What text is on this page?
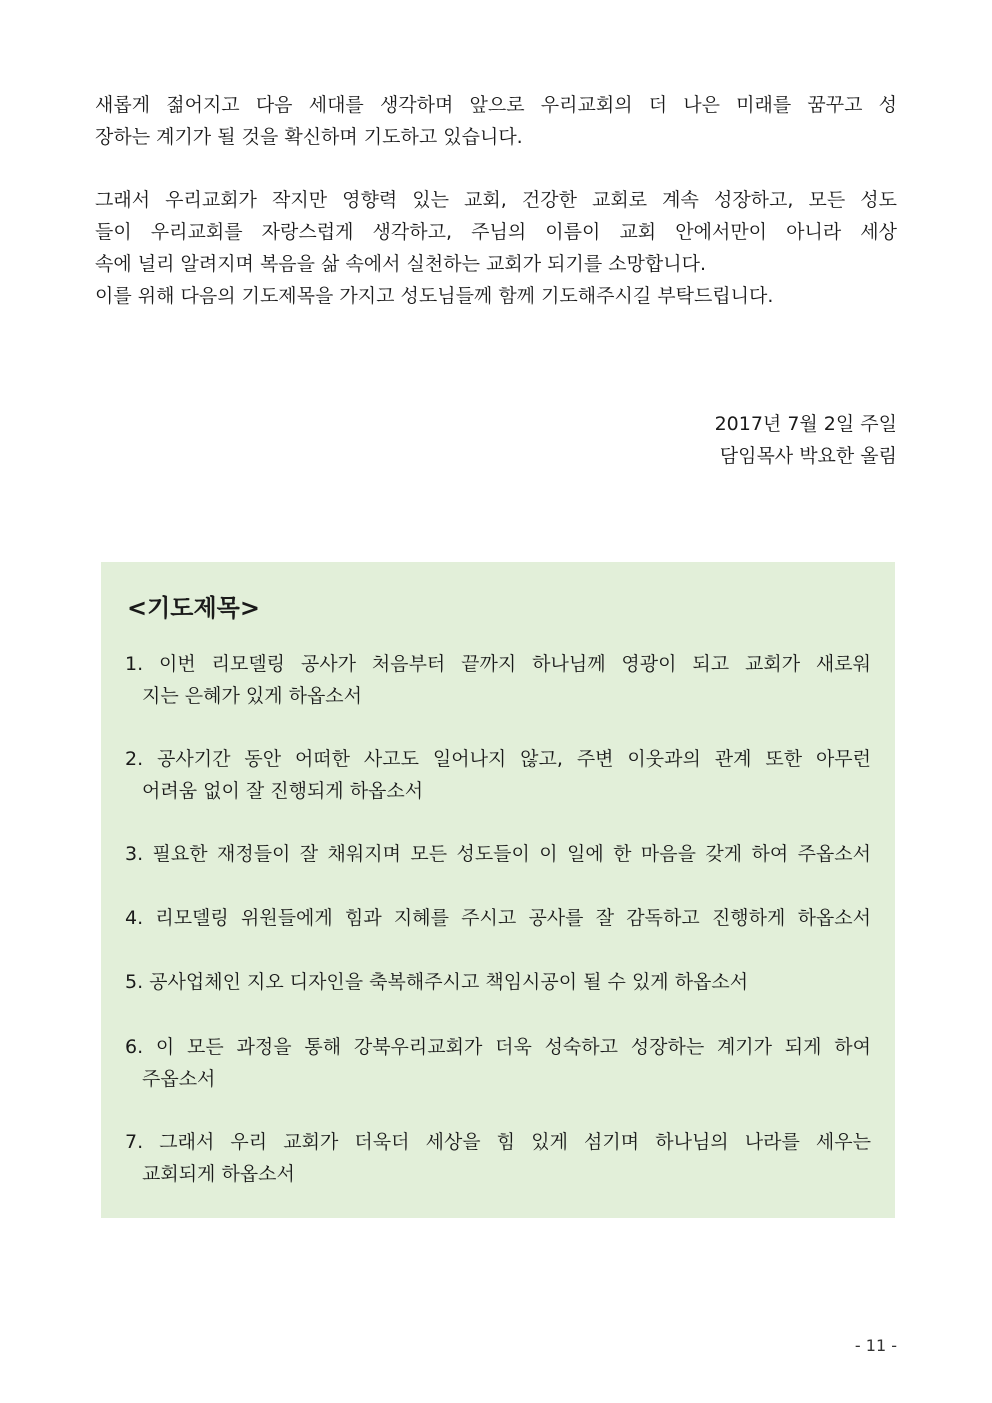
새롭게 젊어지고 다음 세대를 생각하며 앞으로 우리교회의 더 나은 미래를 꿈꾸고 성
장하는 계기가 될 것을 확신하며 기도하고 있습니다.
그래서 우리교회가 작지만 영향력 있는 교회, 건강한 교회로 계속 성장하고, 모든 성도
들이 우리교회를 자랑스럽게 생각하고, 주님의 이름이 교회 안에서만이 아니라 세상
속에 널리 알려지며 복음을 삶 속에서 실천하는 교회가 되기를 소망합니다.
이를 위해 다음의 기도제목을 가지고 성도님들께 함께 기도해주시길 부탁드립니다.
2017년 7월 2일 주일
담임목사 박요한 올림
<기도제목>
1. 이번 리모델링 공사가 처음부터 끝까지 하나님께 영광이 되고 교회가 새로워
지는 은혜가 있게 하옵소서
2. 공사기간 동안 어떠한 사고도 일어나지 않고, 주변 이웃과의 관계 또한 아무런
어려움 없이 잘 진행되게 하옵소서
3. 필요한 재정들이 잘 채워지며 모든 성도들이 이 일에 한 마음을 갖게 하여 주옵소서
4. 리모델링 위원들에게 힘과 지혜를 주시고 공사를 잘 감독하고 진행하게 하옵소서
5. 공사업체인 지오 디자인을 축복해주시고 책임시공이 될 수 있게 하옵소서
6. 이 모든 과정을 통해 강북우리교회가 더욱 성숙하고 성장하는 계기가 되게 하여
주옵소서
7. 그래서 우리 교회가 더욱더 세상을 힘 있게 섬기며 하나님의 나라를 세우는
교회되게 하옵소서
- 11 -
